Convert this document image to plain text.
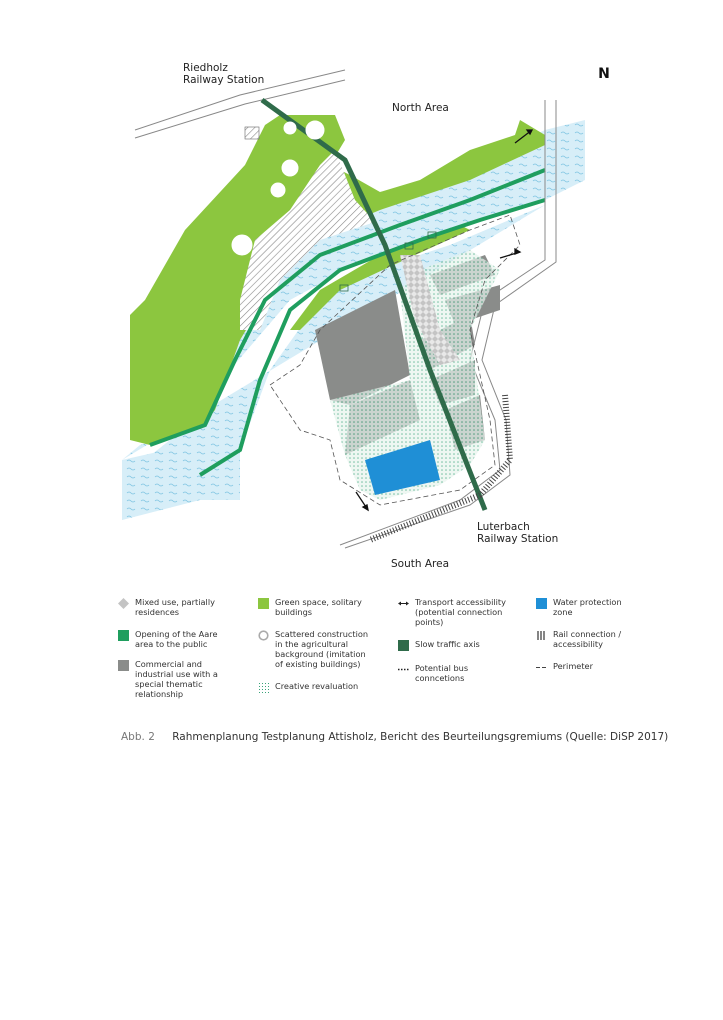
Riedholz
Railway Station
North Area
Luterbach
Railway Station
South Area
N
Mixed use, partially
residences
Opening of the Aare
area to the public
Commercial and
industrial use with a
special thematic
relationship
Green space, solitary
buildings
Scattered construction
in the agricultural
background (imitation
of existing buildings)
Creative revaluation
Transport accessibility
(potential connection
points)
Slow traffic axis
Potential bus
conncetions
Water protection
zone
Rail connection /
accessibility
Perimeter
Abb. 2 Rahmenplanung Testplanung Attisholz, Bericht des Beurteilungsgremiums (Quelle: DiSP 2017)
